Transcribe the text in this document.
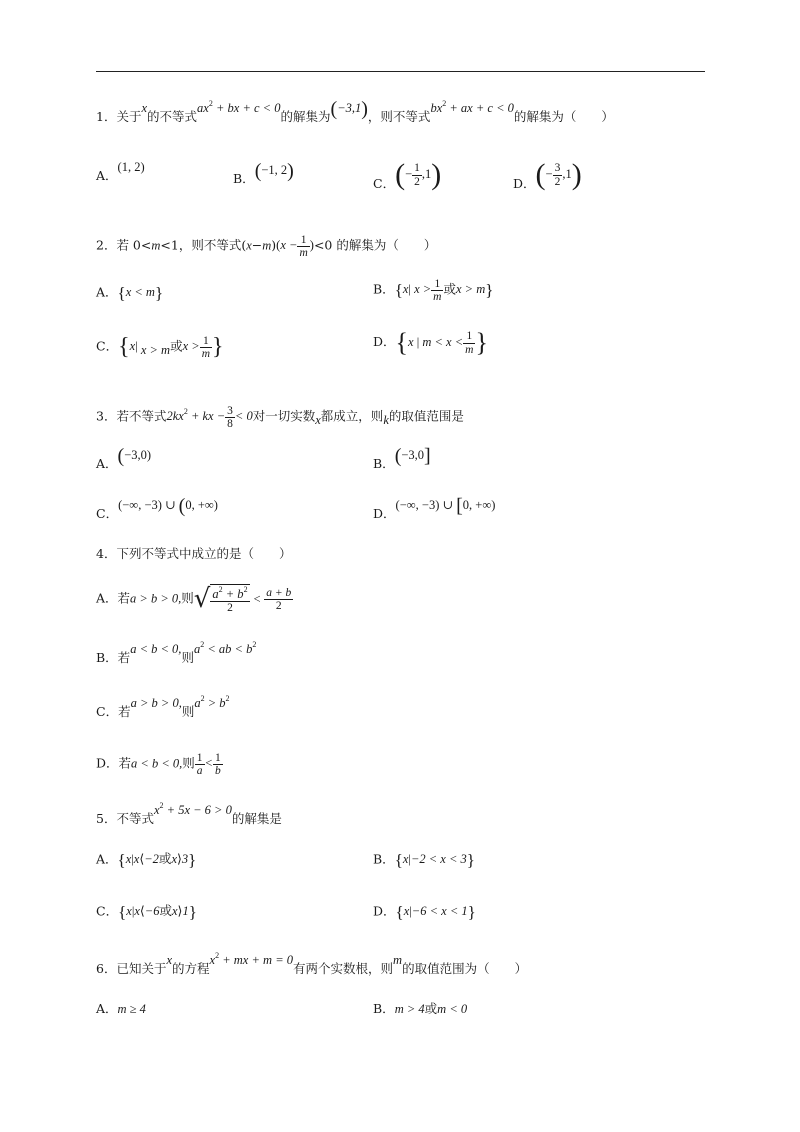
1．关于x的不等式$ax^2$ + bx + c < 0的解集为(−3,1)，则不等式$bx^2$ + ax + c < 0的解集为（　　）
A．(1, 2)
B．(−1, 2)
C．(− $\frac{1}{2} ,1$)	D．(− $\frac{3}{2} ,1$)
2．若 0<m<1，则不等式$(x-m)(x - \frac{1}{m} )<0$ 的解集为（　　）
A．{x < m}	B．{x| $x > \frac{1}{m}$ 或x > m}
C．{x| x > m或$x > \frac{1}{m}$ }	D．{x | $m < x < \frac{1}{m}$ }
3．若不等式$2kx^2$ + kx − $\frac{3}{8} < 0$对一切实数x都成立，则k的取值范围是
A．(−3,0)
B．(−3,0]
C．(−∞, −3) ∪ (0, +∞)
D．(−∞, −3) ∪ [0, +∞)
4．下列不等式中成立的是（　　）
A．若a > b > 0,则√ $\frac{a^2 + b^2}{2} < \frac{a + b}{2}$
B．若a < b < 0,则$a^2$ < ab < $b^2$
C．若a > b > 0,则$a^2 > b^2$
D．若a < b < 0,则 $\frac{1}{a} < \frac{1}{b}$
5．不等式$x^2 + 5x - 6 > 0$的解集是
A．{x|x⟨−2或x⟩3}	B．{x|−2 < x < 3}
C．{x|x⟨−6或x⟩1}	D．{x|−6 < x < 1}
6．已知关于x的方程$x^2$ + mx + m = 0有两个实数根，则m的取值范围为（　　）
A．m ≥ 4	B．m > 4或m < 0
